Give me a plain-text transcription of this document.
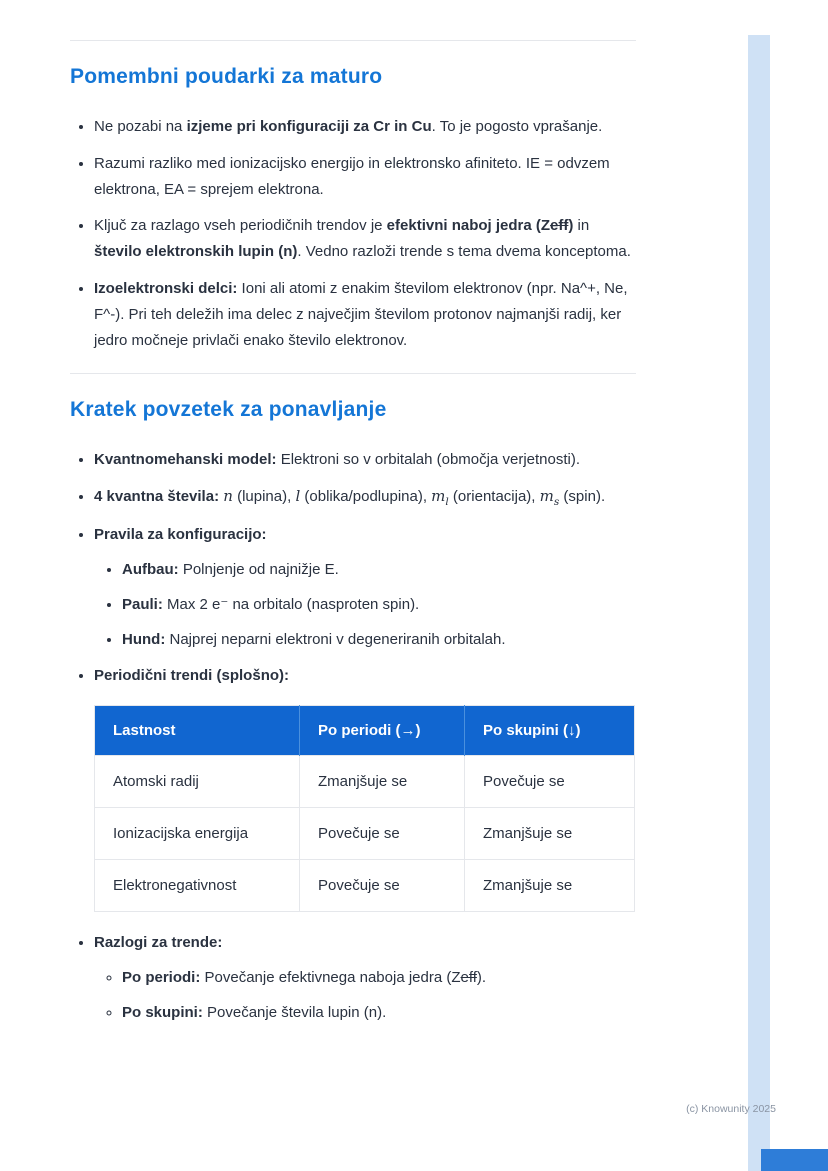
Pomembni poudarki za maturo
• Ne pozabi na izjeme pri konfiguraciji za Cr in Cu. To je pogosto vprašanje.
• Razumi razliko med ionizacijsko energijo in elektronsko afiniteto. IE = odvzem elektrona, EA = sprejem elektrona.
• Ključ za razlago vseh periodičnih trendov je efektivni naboj jedra (Zeff) in število elektronskih lupin (n). Vedno razloži trende s tema dvema konceptoma.
• Izoelektronski delci: Ioni ali atomi z enakim številom elektronov (npr. Na^+, Ne, F^-). Pri teh deležih ima delec z največjim številom protonov najmanjši radij, ker jedro močneje privlači enako število elektronov.
Kratek povzetek za ponavljanje
• Kvantnomehanski model: Elektroni so v orbitalah (območja verjetnosti).
• 4 kvantna števila: n (lupina), l (oblika/podlupina), $m_l$ (orientacija), $m_s$ (spin).
• Pravila za konfiguracijo:
• Aufbau: Polnjenje od najnižje E.
• Pauli: Max 2 e⁻ na orbitalo (nasproten spin).
• Hund: Najprej neparni elektroni v degeneriranih orbitalah.
• Periodični trendi (splošno):
Lastnost	Po periodi (→)	Po skupini (↓)
Atomski radij	Zmanjšuje se	Povečuje se
Ionizacijska energija	Povečuje se	Zmanjšuje se
Elektronegativnost	Povečuje se	Zmanjšuje se
• Razlogi za trende:
◦ Po periodi: Povečanje efektivnega naboja jedra (Zeff).
◦ Po skupini: Povečanje števila lupin (n).
(c) Knowunity 2025
